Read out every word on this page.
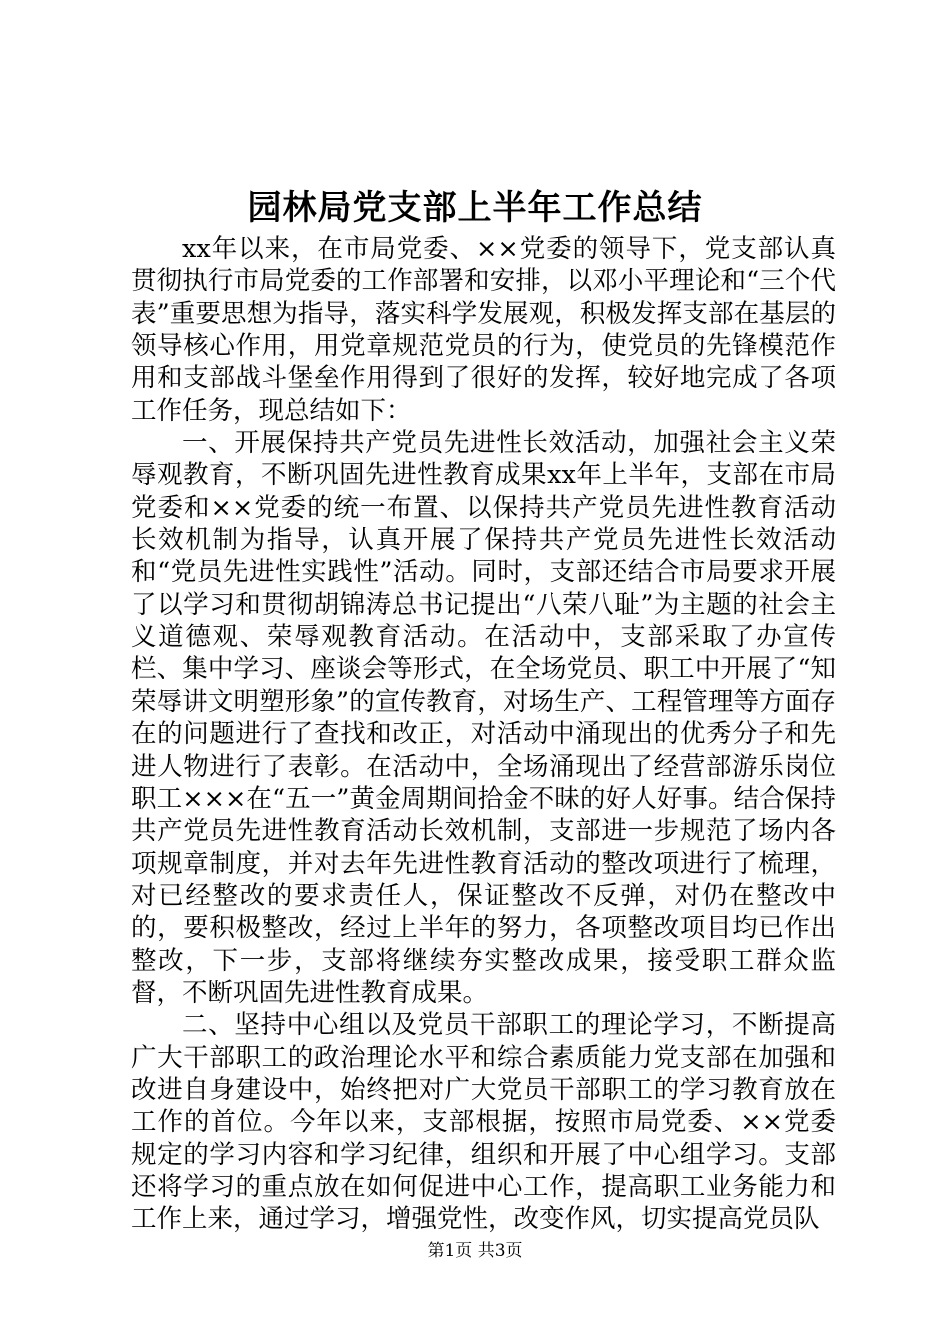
园林局党支部上半年工作总结

xx年以来，在市局党委、××党委的领导下，党支部认真贯彻执行市局党委的工作部署和安排，以邓小平理论和“三个代表”重要思想为指导，落实科学发展观，积极发挥支部在基层的领导核心作用，用党章规范党员的行为，使党员的先锋模范作用和支部战斗堡垒作用得到了很好的发挥，较好地完成了各项工作任务，现总结如下：

一、开展保持共产党员先进性长效活动，加强社会主义荣辱观教育，不断巩固先进性教育成果xx年上半年，支部在市局党委和××党委的统一布置、以保持共产党员先进性教育活动长效机制为指导，认真开展了保持共产党员先进性长效活动和“党员先进性实践性”活动。同时，支部还结合市局要求开展了以学习和贯彻胡锦涛总书记提出“八荣八耻”为主题的社会主义道德观、荣辱观教育活动。在活动中，支部采取了办宣传栏、集中学习、座谈会等形式，在全场党员、职工中开展了“知荣辱讲文明塑形象”的宣传教育，对场生产、工程管理等方面存在的问题进行了查找和改正，对活动中涌现出的优秀分子和先进人物进行了表彰。在活动中，全场涌现出了经营部游乐岗位职工×××在“五一”黄金周期间拾金不昧的好人好事。结合保持共产党员先进性教育活动长效机制，支部进一步规范了场内各项规章制度，并对去年先进性教育活动的整改项进行了梳理，对已经整改的要求责任人，保证整改不反弹，对仍在整改中的，要积极整改，经过上半年的努力，各项整改项目均已作出整改，下一步，支部将继续夯实整改成果，接受职工群众监督，不断巩固先进性教育成果。

二、坚持中心组以及党员干部职工的理论学习，不断提高广大干部职工的政治理论水平和综合素质能力党支部在加强和改进自身建设中，始终把对广大党员干部职工的学习教育放在工作的首位。今年以来，支部根据，按照市局党委、××党委规定的学习内容和学习纪律，组织和开展了中心组学习。支部还将学习的重点放在如何促进中心工作，提高职工业务能力和工作上来，通过学习，增强党性，改变作风，切实提高党员队

第1页 共3页
